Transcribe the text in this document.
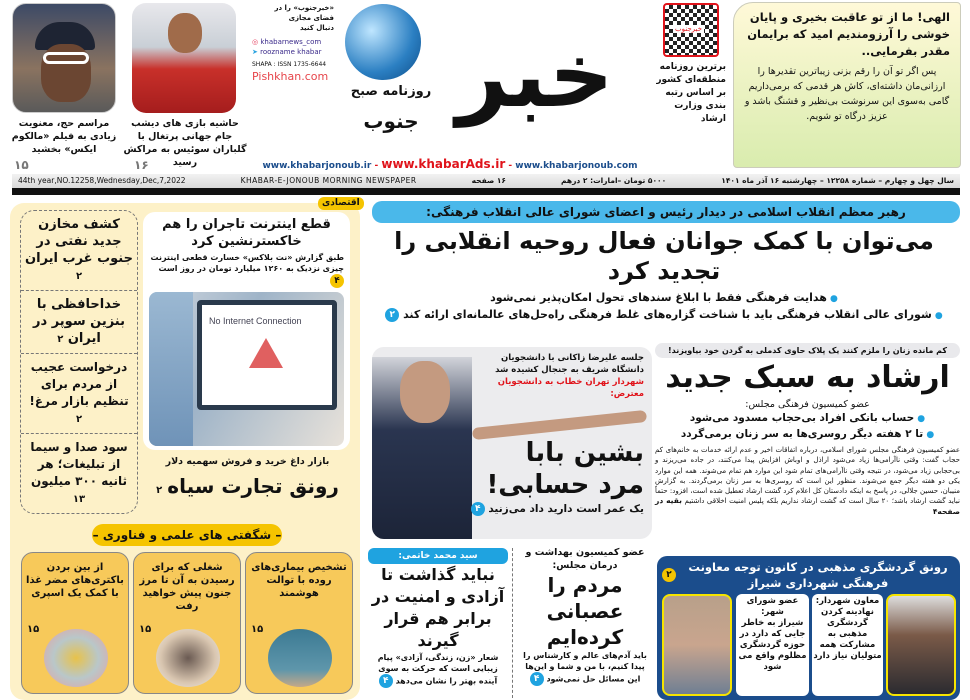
مراسم حج، معنویت زیادی به فیلم «مالکوم ایکس» بخشید
۱۵
حاشیه بازی های دیشب جام جهانی پرتغال با گلباران سوئیس به مراکش رسید
۱۶
«خبرجنوب» را در فضای مجازی دنبال کنید
◎ khabarnews_com
➤ roozname khabar
SHAPA : ISSN 1735-6644
Pishkhan.com
روزنامه صبح خبر
جنوب
خبرجنوب
برترین روزنامه منطقه‌ای کشور بر اساس رتبه بندی وزارت ارشاد
الهی! ما از تو عاقبت بخیری و پایان خوشی را آرزومندیم امید که برایمان مقدر بفرمایی..
پس اگر تو آن را رقم بزنی زیباترین تقدیرها را ارزانی‌مان داشته‌ای، کاش هر قدمی که برمی‌داریم گامی به‌سوی این سرنوشت بی‌نظیر و قشنگ باشد و عزیز درگاه تو شویم.
www.khabarjonoub.ir - www.khabarAds.ir - www.khabarjonoub.com
44th year,NO.12258,Wednesday,Dec,7,2022	KHABAR-E-JONOUB MORNING NEWSPAPER	۱۶ صفحه	۵۰۰۰ تومان –امارات: ۲ درهم	سال چهل و چهارم – شماره ۱۲۲۵۸ – چهارشنبه ۱۶ آذر ماه ۱۴۰۱
رهبر معظم انقلاب اسلامی در دیدار رئیس و اعضای شورای عالی انقلاب فرهنگی:
می‌توان با کمک جوانان فعال روحیه انقلابی را تجدید کرد
● هدایت فرهنگی فقط با ابلاغ سندهای تحول امکان‌پذیر نمی‌شود
● شورای عالی انقلاب فرهنگی باید با شناخت گزاره‌های غلط فرهنگی راه‌حل‌های عالمانه‌ای ارائه کند ۲
جلسه علیرضا زاکانی با دانشجویان دانشگاه شریف به جنجال کشیده شد
شهردار تهران خطاب به دانشجویان معترض:
بشین بابا
مرد حسابی!
یک عمر است دارید داد می‌زنید ۴
کم مانده زنان را ملزم کنند یک پلاک حاوی کدملی به گردن خود بیاویزند!
ارشاد به سبک جدید
عضو کمیسیون فرهنگی مجلس:
● حساب بانکی افراد بی‌حجاب مسدود می‌شود
● تا ۲ هفته دیگر روسری‌ها به سر زنان برمی‌گردد
عضو کمیسیون فرهنگی مجلس شورای اسلامی، درباره اتفاقات اخیر و عدم ارائه خدمات به خانم‌های کم حجاب گفت: وقتی ناآرامی‌ها زیاد می‌شود اراذل و اوباش افزایش پیدا می‌کنند، در جاده می‌ریزند و بی‌حجابی زیاد می‌شود، در نتیجه وقتی ناآرامی‌های تمام شود این موارد هم تمام می‌شوند. همه این موارد یکی دو هفته دیگر جمع می‌شوند. منظور این است که روسری‌ها به سر زنان برمی‌گردند. به گزارش منیبان، حسین جلالی، در پاسخ به اینکه دادستان کل اعلام کرد گشت ارشاد تعطیل شده است، افزود: حتماً نباید گشت ارشاد باشد؛ ۲۰ سال است که گشت ارشاد نداریم بلکه پلیس امنیت اخلاقی داشتیم بقیه در صفحه۴
عضو کمیسیون بهداشت و درمان مجلس:
مردم را عصبانی کرده‌ایم
باید آدم‌های عالم و کارشناس را پیدا کنیم، با من و شما و این‌ها این مسائل حل نمی‌شود ۴
سید محمد خاتمی:
نباید گذاشت تا آزادی و امنیت در برابر هم قرار گیرند
شعار «زن، زندگی، آزادی» پیام زیبایی است که حرکت به سوی آینده بهتر را نشان می‌دهد ۴
رونق گردشگری مذهبی در کانون توجه معاونت فرهنگی شهرداری شیراز
۲
عضو شورای شهر:
شیراز به خاطر جایی که دارد در حوزه گردشگری مظلوم واقع می شود
معاون شهردار:
نهادینه کردن گردشگری مذهبی به مشارکت همه متولیان نیاز دارد
اقتصادی
قطع اینترنت تاجران را هم خاکسترنشین کرد
طبق گزارش «نت بلاکس» خسارت قطعی اینترنت چیزی نزدیک به ۱۲۶۰ میلیارد تومان در روز است ۴
No Internet Connection
بازار داغ خرید و فروش سهمیه دلار
رونق تجارت سیاه ۲
کشف مخازن جدید نفتی در جنوب غرب ایران ۲
خداحافظی با بنزین سوپر در ایران ۲
درخواست عجیب از مردم برای تنظیم بازار مرغ! ۲
سود صدا و سیما از تبلیغات؛ هر ثانیه ۳۰۰ میلیون ۱۳
– شگفتی های علمی و فناوری –
تشخیص بیماری‌های روده با توالت هوشمند
۱۵
شغلی که برای رسیدن به آن تا مرز جنون پیش خواهید رفت
۱۵
از بین بردن باکتری‌های مضر غذا با کمک یک اسپری
۱۵
